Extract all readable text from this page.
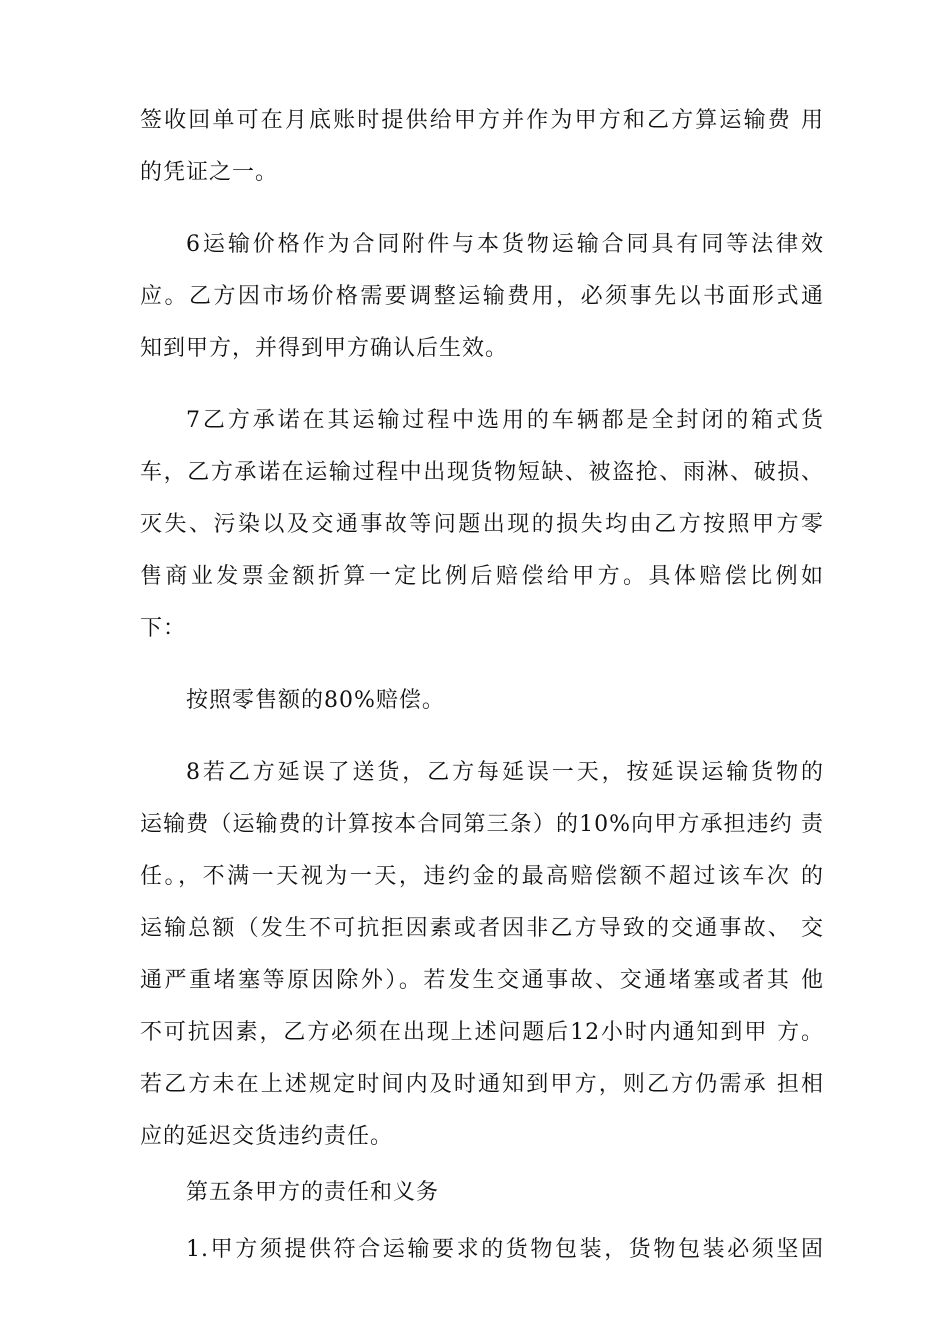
签收回单可在月底账时提供给甲方并作为甲方和乙方算运输费 用
的凭证之一。
6运输价格作为合同附件与本货物运输合同具有同等法律效
应。乙方因市场价格需要调整运输费用，必须事先以书面形式通
知到甲方，并得到甲方确认后生效。
7乙方承诺在其运输过程中选用的车辆都是全封闭的箱式货
车，乙方承诺在运输过程中出现货物短缺、被盗抢、雨淋、破损、
灭失、污染以及交通事故等问题出现的损失均由乙方按照甲方零
售商业发票金额折算一定比例后赔偿给甲方。具体赔偿比例如
下：
按照零售额的80%赔偿。
8若乙方延误了送货，乙方每延误一天，按延误运输货物的
运输费（运输费的计算按本合同第三条）的10%向甲方承担违约 责
任。，不满一天视为一天，违约金的最高赔偿额不超过该车次 的
运输总额（发生不可抗拒因素或者因非乙方导致的交通事故、 交
通严重堵塞等原因除外）。若发生交通事故、交通堵塞或者其 他
不可抗因素，乙方必须在出现上述问题后12小时内通知到甲 方。
若乙方未在上述规定时间内及时通知到甲方，则乙方仍需承 担相
应的延迟交货违约责任。
第五条甲方的责任和义务
1.甲方须提供符合运输要求的货物包装，货物包装必须坚固
